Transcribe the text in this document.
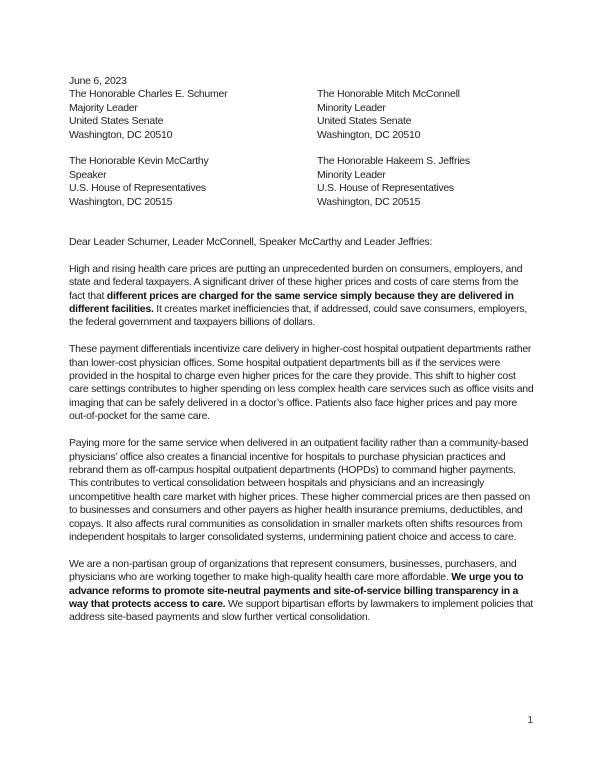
June 6, 2023

The Honorable Charles E. Schumer

Majority Leader

United States Senate

Washington, DC 20510

The Honorable Mitch McConnell

Minority Leader

United States Senate

Washington, DC 20510

The Honorable Kevin McCarthy

Speaker

U.S. House of Representatives

Washington, DC 20515

The Honorable Hakeem S. Jeffries

Minority Leader

U.S. House of Representatives

Washington, DC 20515

Dear Leader Schumer, Leader McConnell, Speaker McCarthy and Leader Jeffries:

High and rising health care prices are putting an unprecedented burden on consumers, employers, and state and federal taxpayers. A significant driver of these higher prices and costs of care stems from the fact that different prices are charged for the same service simply because they are delivered in different facilities. It creates market inefficiencies that, if addressed, could save consumers, employers, the federal government and taxpayers billions of dollars.

These payment differentials incentivize care delivery in higher-cost hospital outpatient departments rather than lower-cost physician offices. Some hospital outpatient departments bill as if the services were provided in the hospital to charge even higher prices for the care they provide. This shift to higher cost care settings contributes to higher spending on less complex health care services such as office visits and imaging that can be safely delivered in a doctor’s office. Patients also face higher prices and pay more out-of-pocket for the same care.

Paying more for the same service when delivered in an outpatient facility rather than a community-based physicians’ office also creates a financial incentive for hospitals to purchase physician practices and rebrand them as off-campus hospital outpatient departments (HOPDs) to command higher payments. This contributes to vertical consolidation between hospitals and physicians and an increasingly uncompetitive health care market with higher prices. These higher commercial prices are then passed on to businesses and consumers and other payers as higher health insurance premiums, deductibles, and copays. It also affects rural communities as consolidation in smaller markets often shifts resources from independent hospitals to larger consolidated systems, undermining patient choice and access to care.

We are a non-partisan group of organizations that represent consumers, businesses, purchasers, and physicians who are working together to make high-quality health care more affordable. We urge you to advance reforms to promote site-neutral payments and site-of-service billing transparency in a way that protects access to care. We support bipartisan efforts by lawmakers to implement policies that address site-based payments and slow further vertical consolidation.

1
